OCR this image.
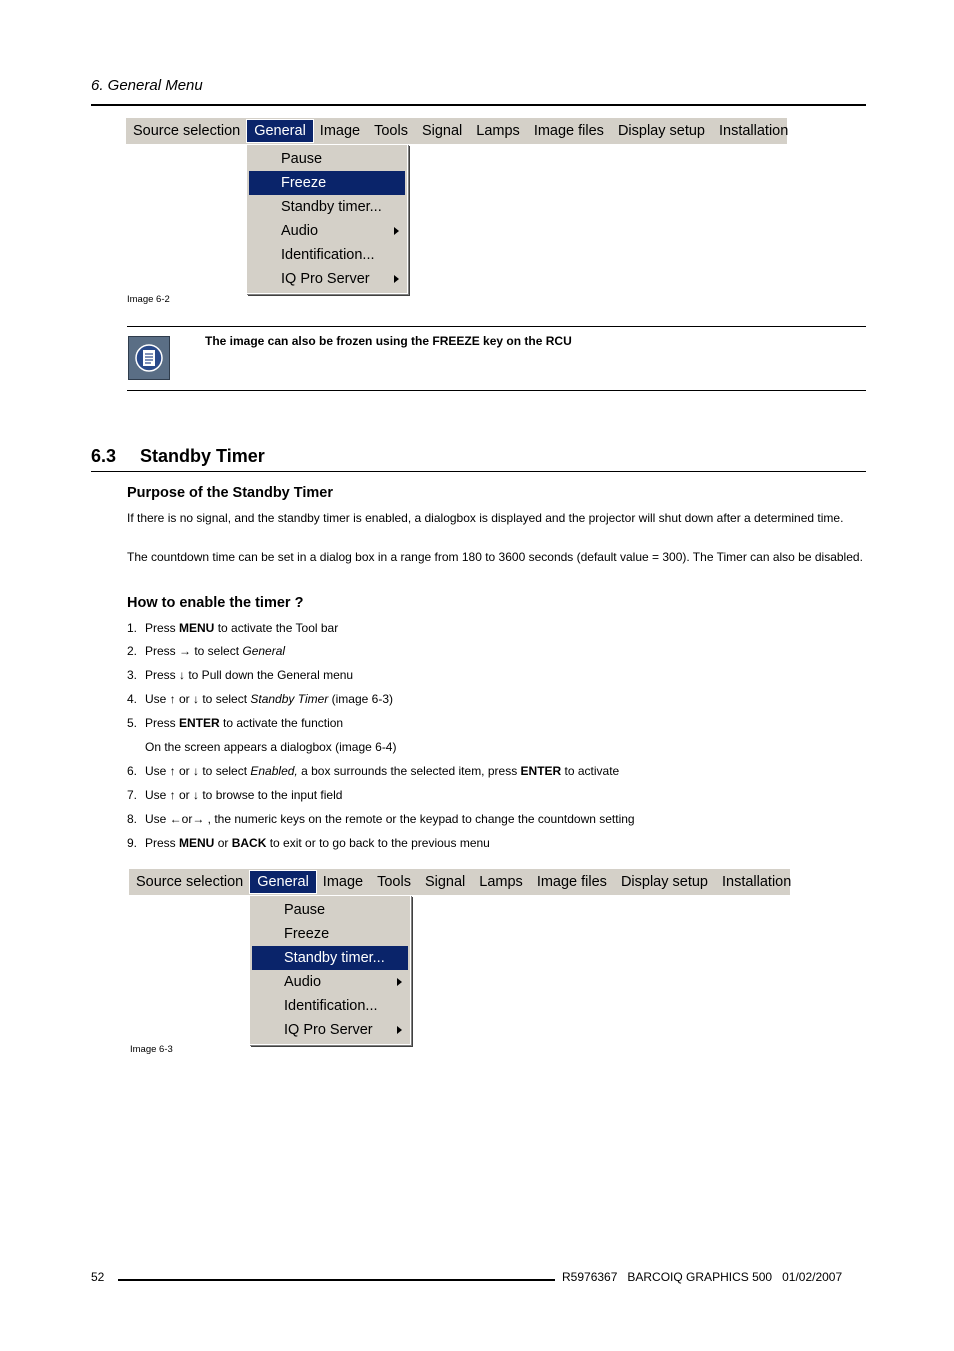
6. General Menu
Source selection General Image Tools Signal Lamps Image files Display setup Installation
Pause
Freeze
Standby timer...
Audio
Identification...
IQ Pro Server
Image 6-2
The image can also be frozen using the FREEZE key on the RCU
6.3 Standby Timer
Purpose of the Standby Timer
If there is no signal, and the standby timer is enabled, a dialogbox is displayed and the projector will shut down after a determined time.
The countdown time can be set in a dialog box in a range from 180 to 3600 seconds (default value = 300). The Timer can also be disabled.
How to enable the timer ?
1. Press MENU to activate the Tool bar
2. Press → to select General
3. Press ↓ to Pull down the General menu
4. Use ↑ or ↓ to select Standby Timer (image 6-3)
5. Press ENTER to activate the function
On the screen appears a dialogbox (image 6-4)
6. Use ↑ or ↓ to select Enabled, a box surrounds the selected item, press ENTER to activate
7. Use ↑ or ↓ to browse to the input field
8. Use ←or→ , the numeric keys on the remote or the keypad to change the countdown setting
9. Press MENU or BACK to exit or to go back to the previous menu
Source selection General Image Tools Signal Lamps Image files Display setup Installation
Pause
Freeze
Standby timer...
Audio
Identification...
IQ Pro Server
Image 6-3
52	R5976367   BARCOIQ GRAPHICS 500   01/02/2007
